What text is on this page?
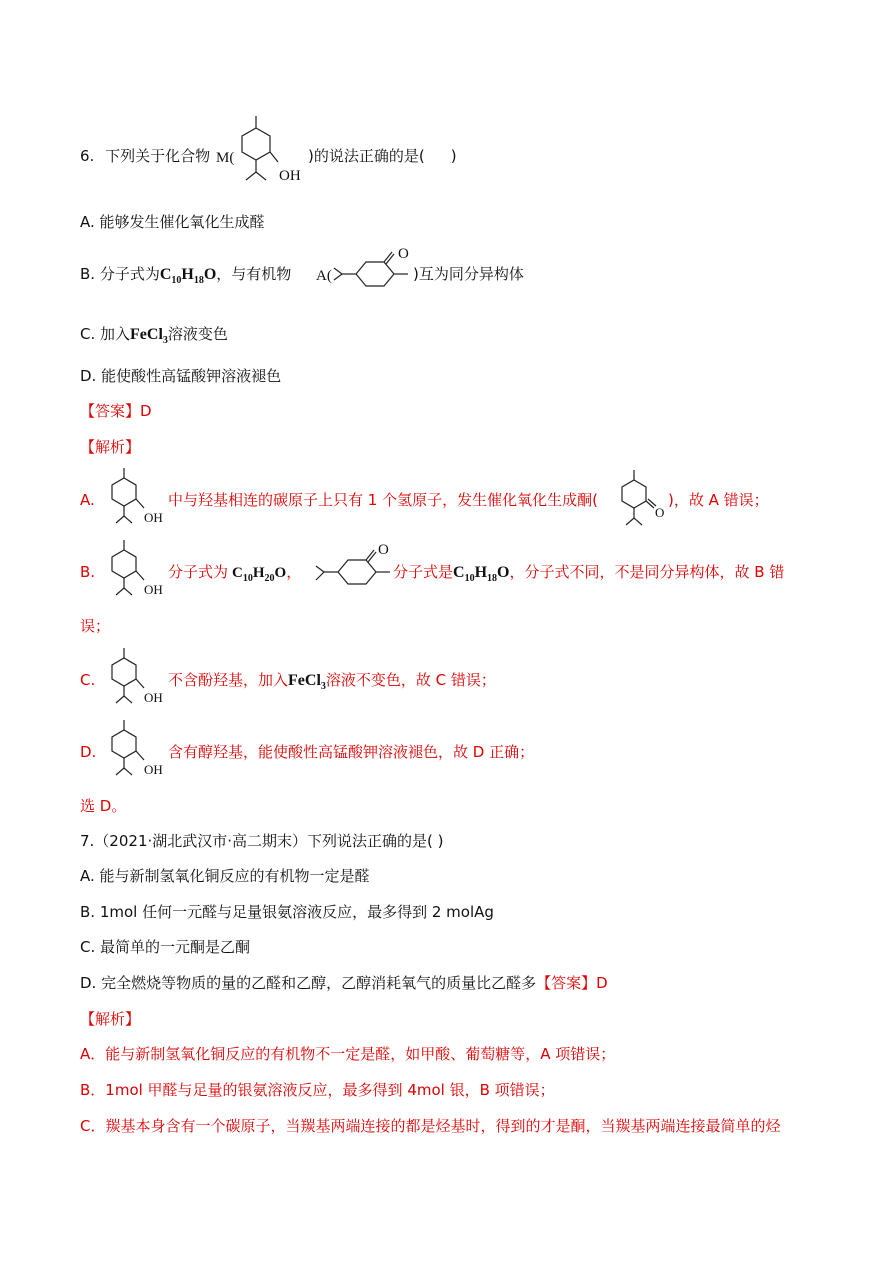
6. 下列关于化合物 M(
OH
)的说法正确的是( )
A. 能够发生催化氧化生成醛
B. 分子式为$C_{10}H_{18}O$，与有机物 A(
O
)互为同分异构体
C. 加入FeCl$_3$溶液变色
D. 能使酸性高锰酸钾溶液褪色
【答案】D
【解析】
A.
OH
中与羟基相连的碳原子上只有 1 个氢原子，发生催化氧化生成酮(
O
)，故 A 错误；
B.
OH
分子式为 $C_{10}H_{20}O$，
O
分子式是$C_{10}H_{18}O$，分子式不同，不是同分异构体，故 B 错
误；
C.
OH
不含酚羟基，加入FeCl$_3$溶液不变色，故 C 错误；
D.
OH
含有醇羟基，能使酸性高锰酸钾溶液褪色，故 D 正确；
选 D。
7.（2021·湖北武汉市·高二期末）下列说法正确的是( )
A. 能与新制氢氧化铜反应的有机物一定是醛
B. 1mol 任何一元醛与足量银氨溶液反应，最多得到 2 molAg
C. 最简单的一元酮是乙酮
D. 完全燃烧等物质的量的乙醛和乙醇，乙醇消耗氧气的质量比乙醛多【答案】D
【解析】
A．能与新制氢氧化铜反应的有机物不一定是醛，如甲酸、葡萄糖等，A 项错误；
B．1mol 甲醛与足量的银氨溶液反应，最多得到 4mol 银，B 项错误；
C．羰基本身含有一个碳原子，当羰基两端连接的都是烃基时，得到的才是酮，当羰基两端连接最简单的烃
